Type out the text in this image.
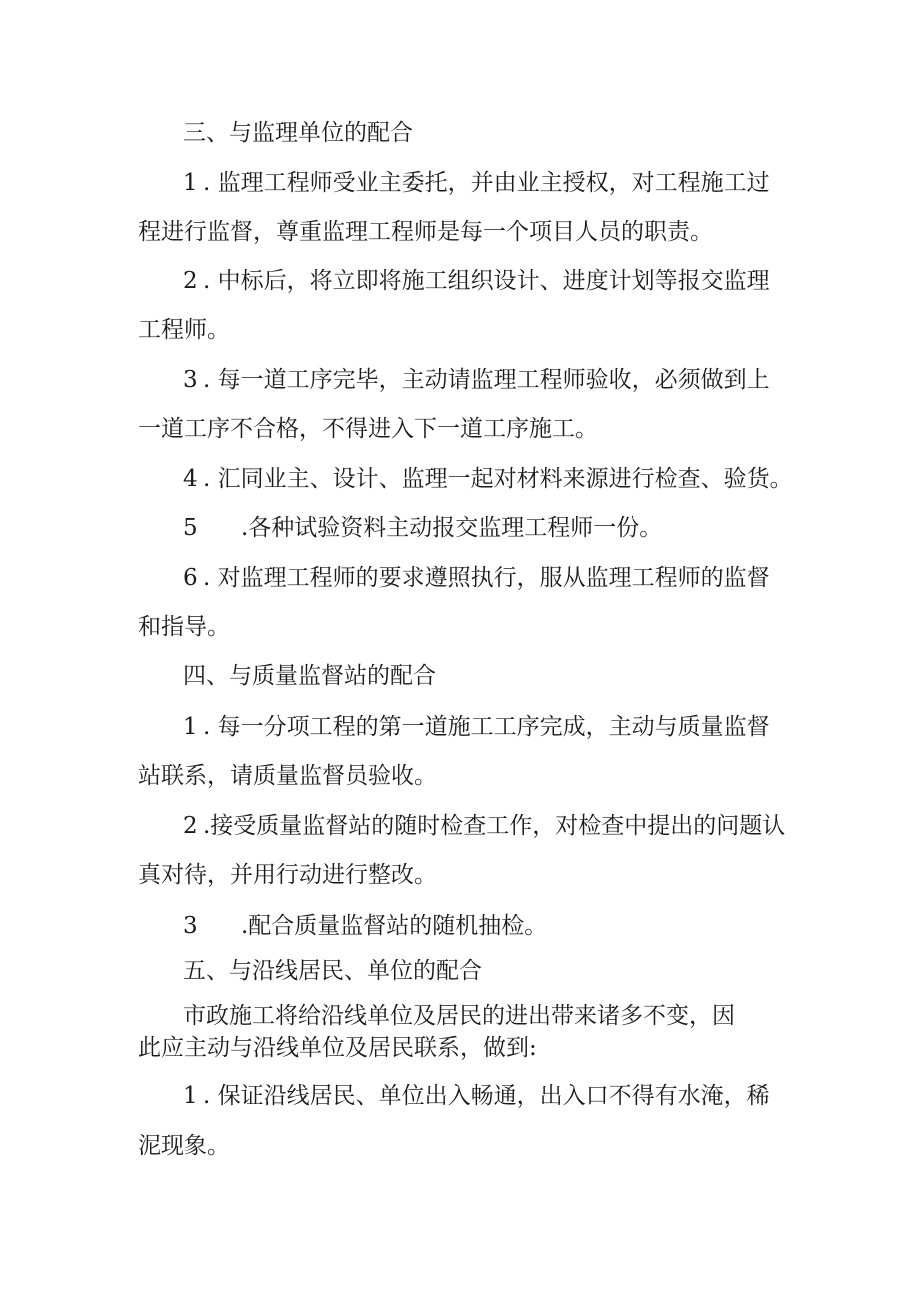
三、与监理单位的配合
1 . 监理工程师受业主委托，并由业主授权，对工程施工过
程进行监督，尊重监理工程师是每一个项目人员的职责。
2 . 中标后，将立即将施工组织设计、进度计划等报交监理
工程师。
3 . 每一道工序完毕，主动请监理工程师验收，必须做到上
一道工序不合格，不得进入下一道工序施工。
4 . 汇同业主、设计、监理一起对材料来源进行检查、验货。
5 .各种试验资料主动报交监理工程师一份。
6 . 对监理工程师的要求遵照执行，服从监理工程师的监督
和指导。
四、与质量监督站的配合
1 . 每一分项工程的第一道施工工序完成，主动与质量监督
站联系，请质量监督员验收。
2 .接受质量监督站的随时检查工作，对检查中提出的问题认
真对待，并用行动进行整改。
3 .配合质量监督站的随机抽检。
五、与沿线居民、单位的配合
市政施工将给沿线单位及居民的进出带来诸多不变，因
此应主动与沿线单位及居民联系，做到:
1 . 保证沿线居民、单位出入畅通，出入口不得有水淹，稀
泥现象。
